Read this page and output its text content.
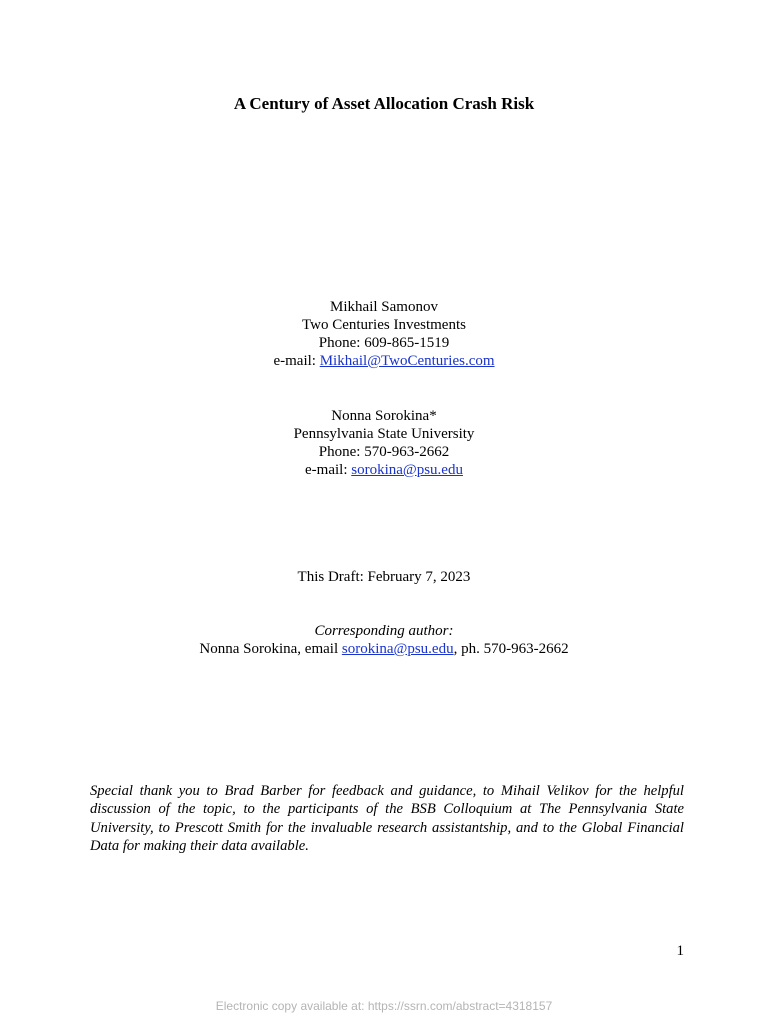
A Century of Asset Allocation Crash Risk
Mikhail Samonov
Two Centuries Investments
Phone: 609-865-1519
e-mail: Mikhail@TwoCenturies.com
Nonna Sorokina*
Pennsylvania State University
Phone: 570-963-2662
e-mail: sorokina@psu.edu
This Draft: February 7, 2023
Corresponding author:
Nonna Sorokina, email sorokina@psu.edu, ph. 570-963-2662
Special thank you to Brad Barber for feedback and guidance, to Mihail Velikov for the helpful discussion of the topic, to the participants of the BSB Colloquium at The Pennsylvania State University, to Prescott Smith for the invaluable research assistantship, and to the Global Financial Data for making their data available.
1
Electronic copy available at: https://ssrn.com/abstract=4318157
